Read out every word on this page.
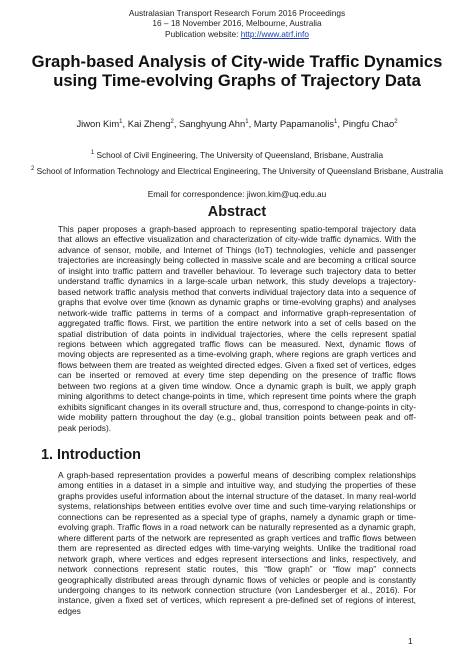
Australasian Transport Research Forum 2016 Proceedings
16 – 18 November 2016, Melbourne, Australia
Publication website: http://www.atrf.info
Graph-based Analysis of City-wide Traffic Dynamics using Time-evolving Graphs of Trajectory Data
Jiwon Kim$^1$, Kai Zheng$^2$, Sanghyung Ahn$^1$, Marty Papamanolis$^1$, Pingfu Chao$^2$
$^1$ School of Civil Engineering, The University of Queensland, Brisbane, Australia
$^2$ School of Information Technology and Electrical Engineering, The University of Queensland Brisbane, Australia
Email for correspondence: jiwon.kim@uq.edu.au
Abstract
This paper proposes a graph-based approach to representing spatio-temporal trajectory data that allows an effective visualization and characterization of city-wide traffic dynamics. With the advance of sensor, mobile, and Internet of Things (IoT) technologies, vehicle and passenger trajectories are increasingly being collected in massive scale and are becoming a critical source of insight into traffic pattern and traveller behaviour. To leverage such trajectory data to better understand traffic dynamics in a large-scale urban network, this study develops a trajectory-based network traffic analysis method that converts individual trajectory data into a sequence of graphs that evolve over time (known as dynamic graphs or time-evolving graphs) and analyses network-wide traffic patterns in terms of a compact and informative graph-representation of aggregated traffic flows. First, we partition the entire network into a set of cells based on the spatial distribution of data points in individual trajectories, where the cells represent spatial regions between which aggregated traffic flows can be measured. Next, dynamic flows of moving objects are represented as a time-evolving graph, where regions are graph vertices and flows between them are treated as weighted directed edges. Given a fixed set of vertices, edges can be inserted or removed at every time step depending on the presence of traffic flows between two regions at a given time window. Once a dynamic graph is built, we apply graph mining algorithms to detect change-points in time, which represent time points where the graph exhibits significant changes in its overall structure and, thus, correspond to change-points in city-wide mobility pattern throughout the day (e.g., global transition points between peak and off-peak periods).
1. Introduction
A graph-based representation provides a powerful means of describing complex relationships among entities in a dataset in a simple and intuitive way, and studying the properties of these graphs provides useful information about the internal structure of the dataset. In many real-world systems, relationships between entities evolve over time and such time-varying relationships or connections can be represented as a special type of graphs, namely a dynamic graph or time-evolving graph. Traffic flows in a road network can be naturally represented as a dynamic graph, where different parts of the network are represented as graph vertices and traffic flows between them are represented as directed edges with time-varying weights. Unlike the traditional road network graph, where vertices and edges represent intersections and links, respectively, and network connections represent static routes, this “flow graph” or “flow map” connects geographically distributed areas through dynamic flows of vehicles or people and is constantly undergoing changes to its network connection structure (von Landesberger et al., 2016). For instance, given a fixed set of vertices, which represent a pre-defined set of regions of interest, edges
1
